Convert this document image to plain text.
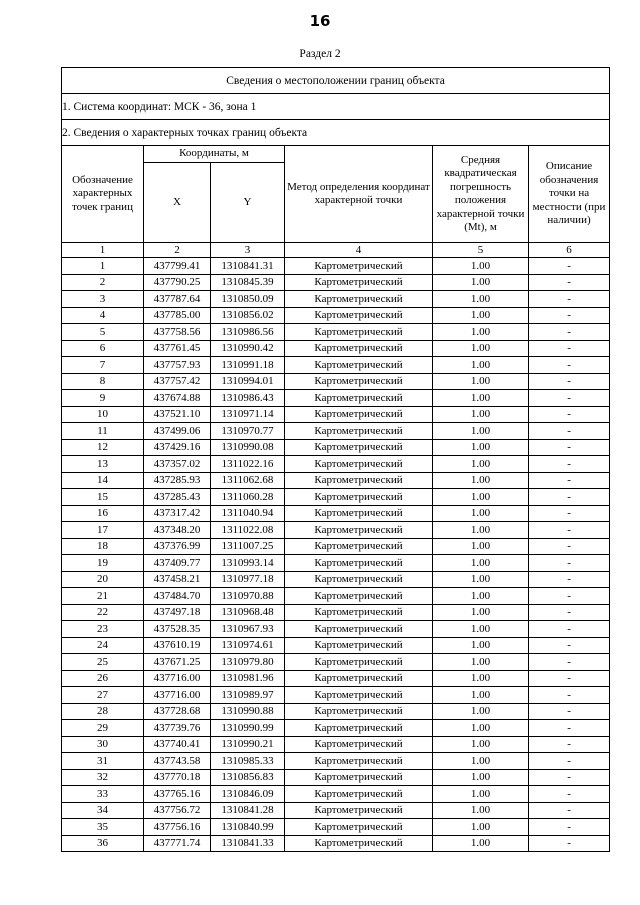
16
Раздел 2
Сведения о местоположении границ объекта					
1. Система координат: МСК - 36, зона 1					
2. Сведения о характерных точках границ объекта					
Обозначение характерных точек границ	Координаты, м		Метод определения координат характерной точки	Средняя квадратическая погрешность положения характерной точки (Mt), м	Описание обозначения точки на местности (при наличии)
	X	Y			
1	2	3	4	5	6
1	437799.41	1310841.31	Картометрический	1.00	-
2	437790.25	1310845.39	Картометрический	1.00	-
3	437787.64	1310850.09	Картометрический	1.00	-
4	437785.00	1310856.02	Картометрический	1.00	-
5	437758.56	1310986.56	Картометрический	1.00	-
6	437761.45	1310990.42	Картометрический	1.00	-
7	437757.93	1310991.18	Картометрический	1.00	-
8	437757.42	1310994.01	Картометрический	1.00	-
9	437674.88	1310986.43	Картометрический	1.00	-
10	437521.10	1310971.14	Картометрический	1.00	-
11	437499.06	1310970.77	Картометрический	1.00	-
12	437429.16	1310990.08	Картометрический	1.00	-
13	437357.02	1311022.16	Картометрический	1.00	-
14	437285.93	1311062.68	Картометрический	1.00	-
15	437285.43	1311060.28	Картометрический	1.00	-
16	437317.42	1311040.94	Картометрический	1.00	-
17	437348.20	1311022.08	Картометрический	1.00	-
18	437376.99	1311007.25	Картометрический	1.00	-
19	437409.77	1310993.14	Картометрический	1.00	-
20	437458.21	1310977.18	Картометрический	1.00	-
21	437484.70	1310970.88	Картометрический	1.00	-
22	437497.18	1310968.48	Картометрический	1.00	-
23	437528.35	1310967.93	Картометрический	1.00	-
24	437610.19	1310974.61	Картометрический	1.00	-
25	437671.25	1310979.80	Картометрический	1.00	-
26	437716.00	1310981.96	Картометрический	1.00	-
27	437716.00	1310989.97	Картометрический	1.00	-
28	437728.68	1310990.88	Картометрический	1.00	-
29	437739.76	1310990.99	Картометрический	1.00	-
30	437740.41	1310990.21	Картометрический	1.00	-
31	437743.58	1310985.33	Картометрический	1.00	-
32	437770.18	1310856.83	Картометрический	1.00	-
33	437765.16	1310846.09	Картометрический	1.00	-
34	437756.72	1310841.28	Картометрический	1.00	-
35	437756.16	1310840.99	Картометрический	1.00	-
36	437771.74	1310841.33	Картометрический	1.00	-
